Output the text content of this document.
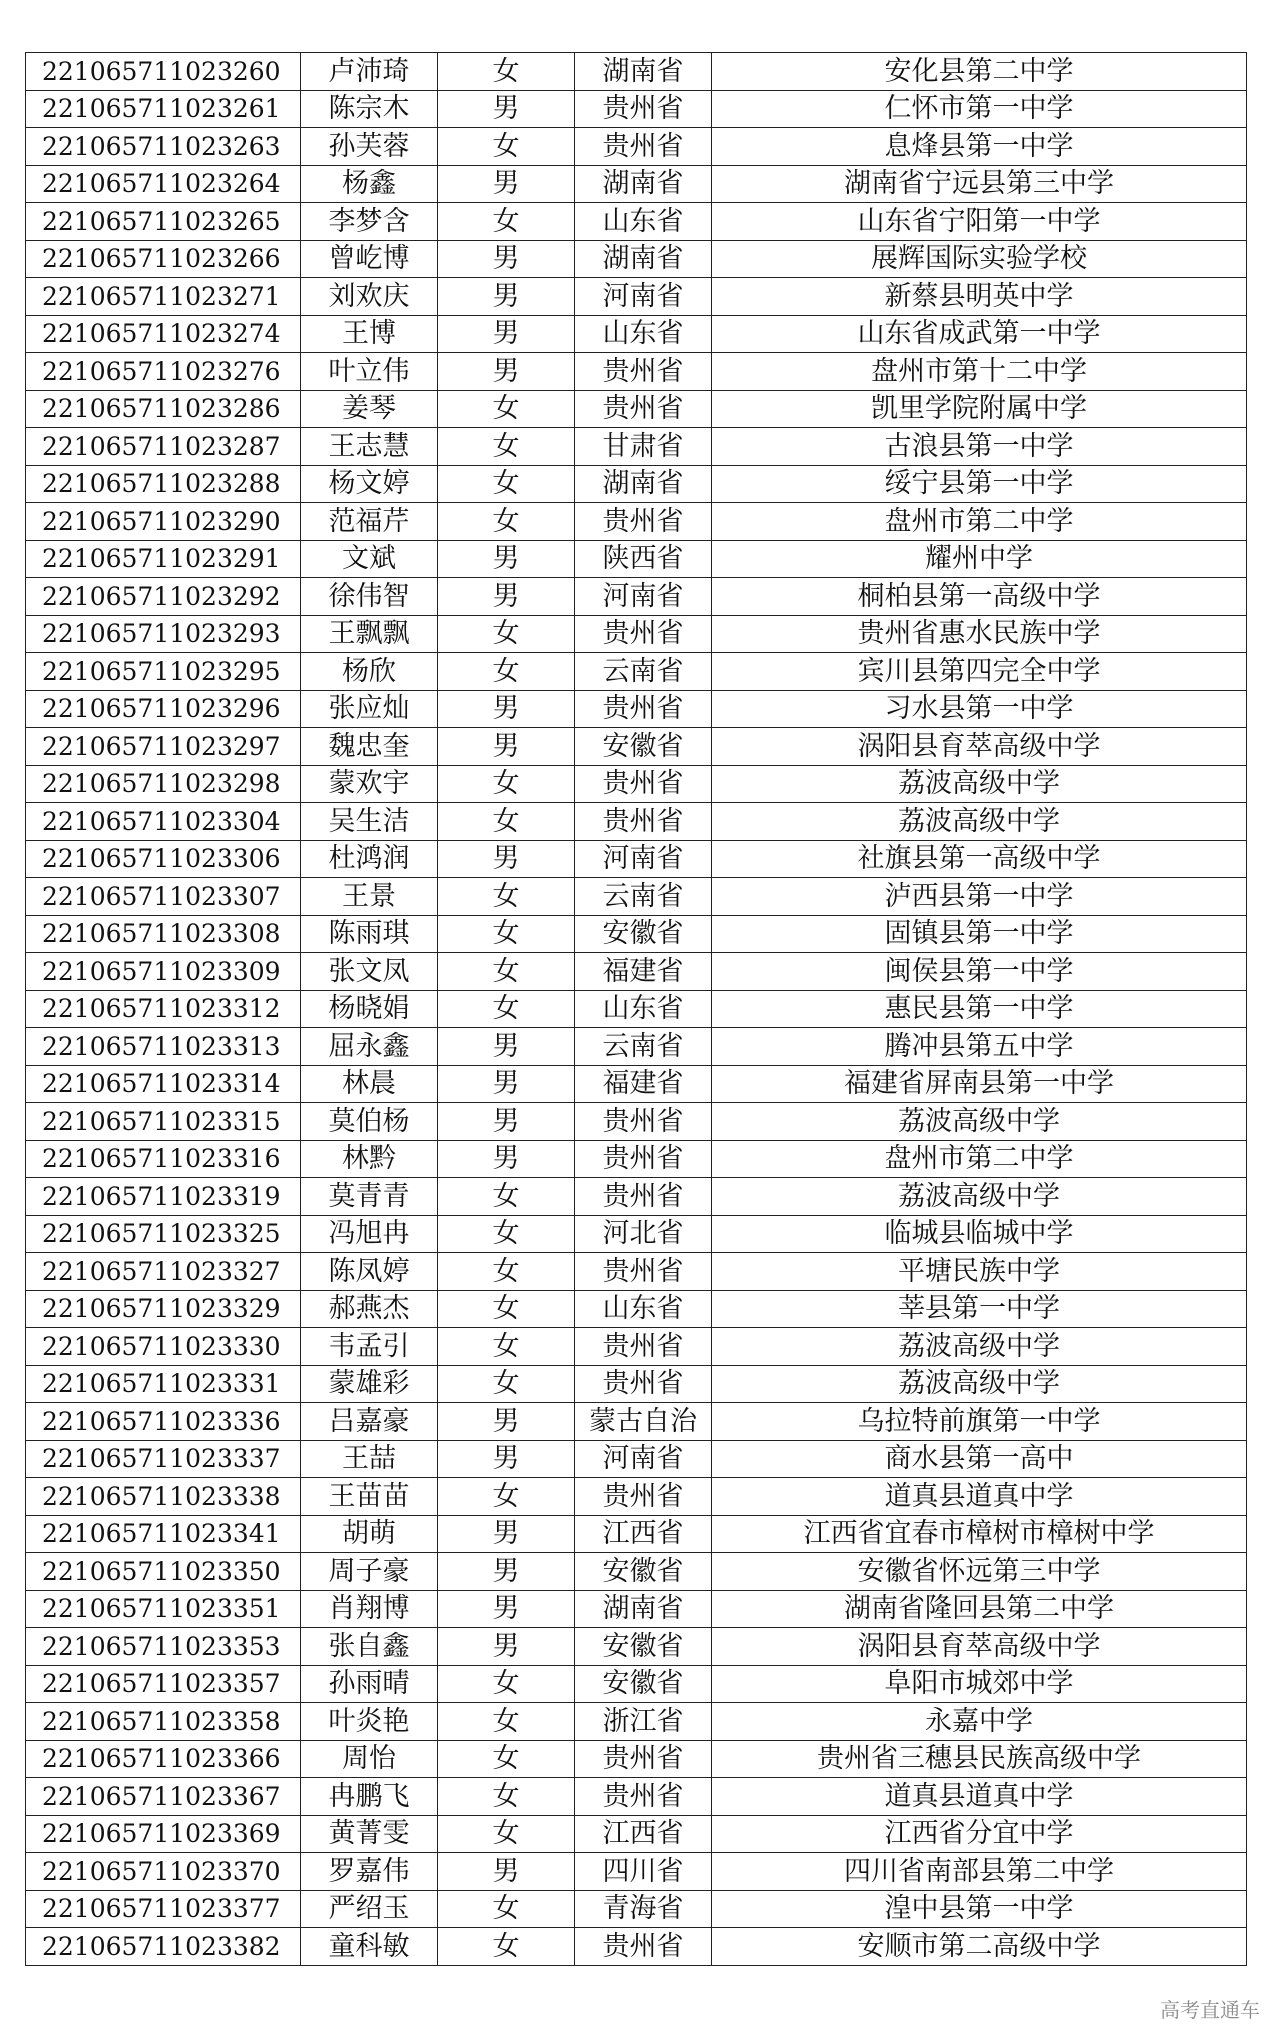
221065711023260	卢沛琦	女	湖南省	安化县第二中学
221065711023261	陈宗木	男	贵州省	仁怀市第一中学
221065711023263	孙芙蓉	女	贵州省	息烽县第一中学
221065711023264	杨鑫	男	湖南省	湖南省宁远县第三中学
221065711023265	李梦含	女	山东省	山东省宁阳第一中学
221065711023266	曾屹博	男	湖南省	展辉国际实验学校
221065711023271	刘欢庆	男	河南省	新蔡县明英中学
221065711023274	王博	男	山东省	山东省成武第一中学
221065711023276	叶立伟	男	贵州省	盘州市第十二中学
221065711023286	姜琴	女	贵州省	凯里学院附属中学
221065711023287	王志慧	女	甘肃省	古浪县第一中学
221065711023288	杨文婷	女	湖南省	绥宁县第一中学
221065711023290	范福芹	女	贵州省	盘州市第二中学
221065711023291	文斌	男	陕西省	耀州中学
221065711023292	徐伟智	男	河南省	桐柏县第一高级中学
221065711023293	王飘飘	女	贵州省	贵州省惠水民族中学
221065711023295	杨欣	女	云南省	宾川县第四完全中学
221065711023296	张应灿	男	贵州省	习水县第一中学
221065711023297	魏忠奎	男	安徽省	涡阳县育萃高级中学
221065711023298	蒙欢宇	女	贵州省	荔波高级中学
221065711023304	吴生洁	女	贵州省	荔波高级中学
221065711023306	杜鸿润	男	河南省	社旗县第一高级中学
221065711023307	王景	女	云南省	泸西县第一中学
221065711023308	陈雨琪	女	安徽省	固镇县第一中学
221065711023309	张文凤	女	福建省	闽侯县第一中学
221065711023312	杨晓娟	女	山东省	惠民县第一中学
221065711023313	屈永鑫	男	云南省	腾冲县第五中学
221065711023314	林晨	男	福建省	福建省屏南县第一中学
221065711023315	莫伯杨	男	贵州省	荔波高级中学
221065711023316	林黔	男	贵州省	盘州市第二中学
221065711023319	莫青青	女	贵州省	荔波高级中学
221065711023325	冯旭冉	女	河北省	临城县临城中学
221065711023327	陈凤婷	女	贵州省	平塘民族中学
221065711023329	郝燕杰	女	山东省	莘县第一中学
221065711023330	韦孟引	女	贵州省	荔波高级中学
221065711023331	蒙雄彩	女	贵州省	荔波高级中学
221065711023336	吕嘉豪	男	蒙古自治	乌拉特前旗第一中学
221065711023337	王喆	男	河南省	商水县第一高中
221065711023338	王苗苗	女	贵州省	道真县道真中学
221065711023341	胡萌	男	江西省	江西省宜春市樟树市樟树中学
221065711023350	周子豪	男	安徽省	安徽省怀远第三中学
221065711023351	肖翔博	男	湖南省	湖南省隆回县第二中学
221065711023353	张自鑫	男	安徽省	涡阳县育萃高级中学
221065711023357	孙雨晴	女	安徽省	阜阳市城郊中学
221065711023358	叶炎艳	女	浙江省	永嘉中学
221065711023366	周怡	女	贵州省	贵州省三穗县民族高级中学
221065711023367	冉鹏飞	女	贵州省	道真县道真中学
221065711023369	黄菁雯	女	江西省	江西省分宜中学
221065711023370	罗嘉伟	男	四川省	四川省南部县第二中学
221065711023377	严绍玉	女	青海省	湟中县第一中学
221065711023382	童科敏	女	贵州省	安顺市第二高级中学
高考直通车
